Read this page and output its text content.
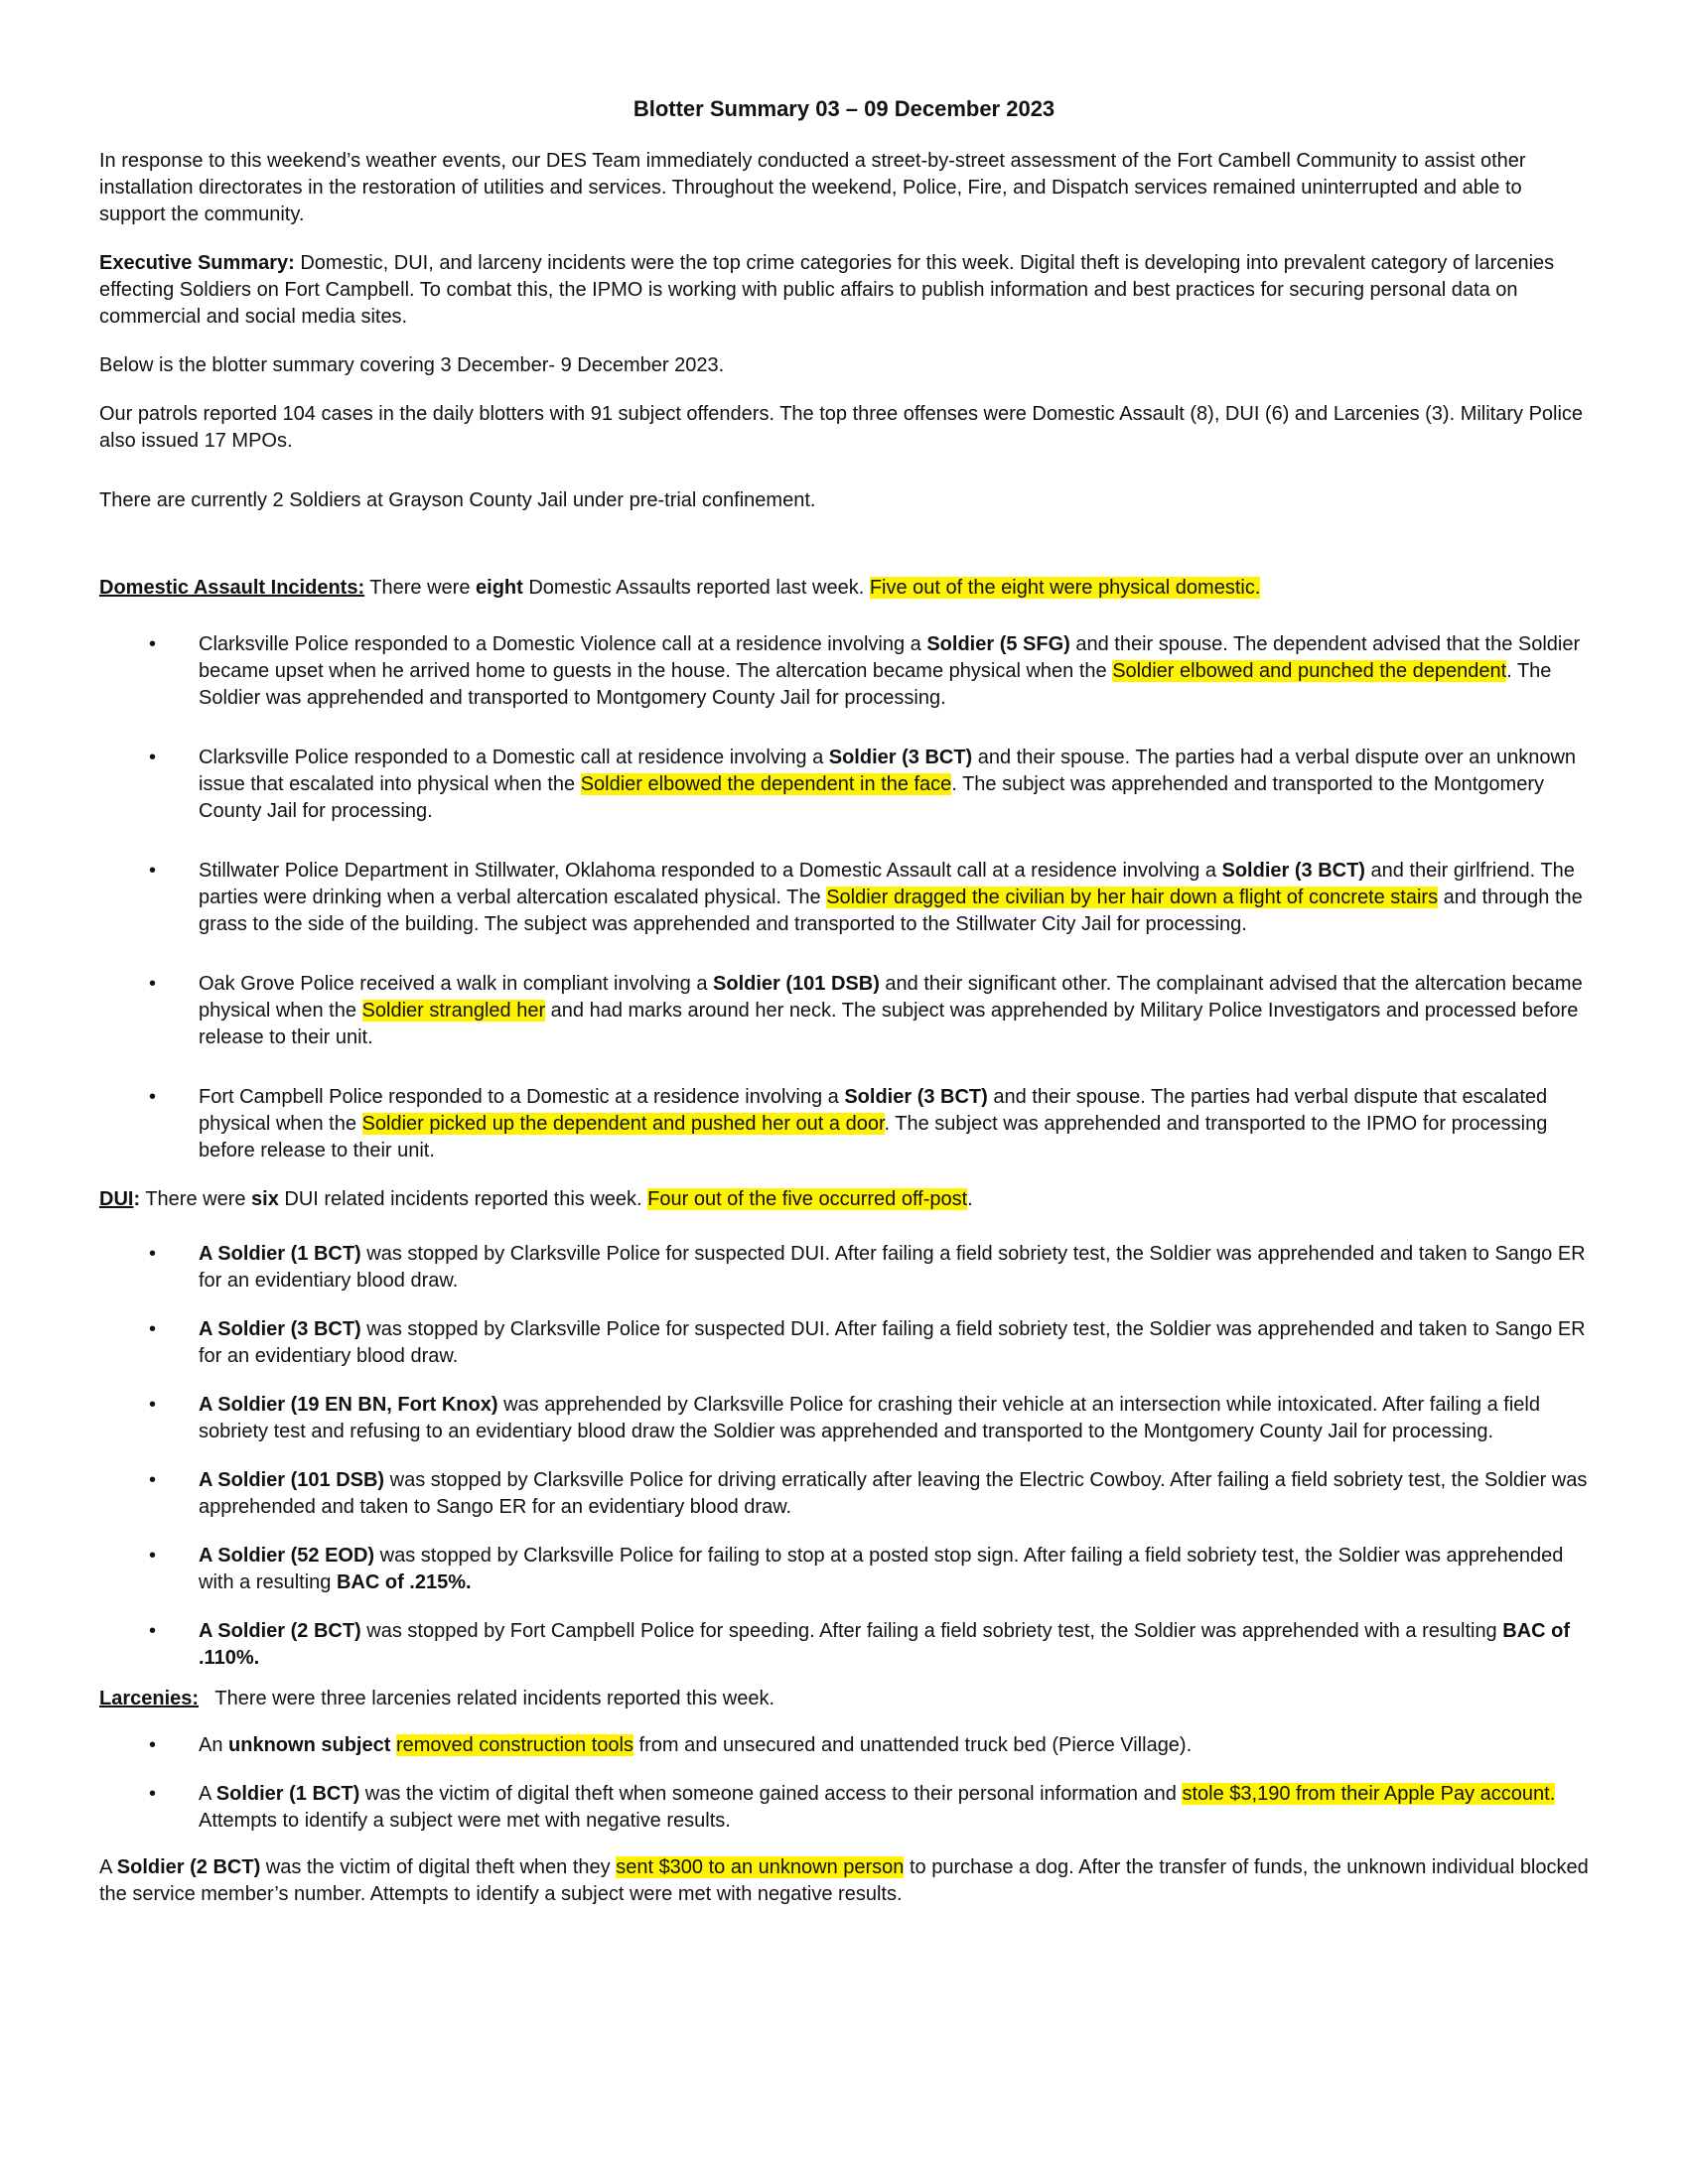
Blotter Summary 03 – 09 December 2023

In response to this weekend’s weather events, our DES Team immediately conducted a street-by-street assessment of the Fort Cambell Community to assist other installation directorates in the restoration of utilities and services. Throughout the weekend, Police, Fire, and Dispatch services remained uninterrupted and able to support the community.

Executive Summary: Domestic, DUI, and larceny incidents were the top crime categories for this week. Digital theft is developing into prevalent category of larcenies effecting Soldiers on Fort Campbell. To combat this, the IPMO is working with public affairs to publish information and best practices for securing personal data on commercial and social media sites.

Below is the blotter summary covering 3 December- 9 December 2023.

Our patrols reported 104 cases in the daily blotters with 91 subject offenders. The top three offenses were Domestic Assault (8), DUI (6) and Larcenies (3). Military Police also issued 17 MPOs.

There are currently 2 Soldiers at Grayson County Jail under pre-trial confinement.

Domestic Assault Incidents: There were eight Domestic Assaults reported last week. Five out of the eight were physical domestic.

• Clarksville Police responded to a Domestic Violence call at a residence involving a Soldier (5 SFG) and their spouse. The dependent advised that the Soldier became upset when he arrived home to guests in the house. The altercation became physical when the Soldier elbowed and punched the dependent. The Soldier was apprehended and transported to Montgomery County Jail for processing.
• Clarksville Police responded to a Domestic call at residence involving a Soldier (3 BCT) and their spouse. The parties had a verbal dispute over an unknown issue that escalated into physical when the Soldier elbowed the dependent in the face. The subject was apprehended and transported to the Montgomery County Jail for processing.
• Stillwater Police Department in Stillwater, Oklahoma responded to a Domestic Assault call at a residence involving a Soldier (3 BCT) and their girlfriend. The parties were drinking when a verbal altercation escalated physical. The Soldier dragged the civilian by her hair down a flight of concrete stairs and through the grass to the side of the building. The subject was apprehended and transported to the Stillwater City Jail for processing.
• Oak Grove Police received a walk in compliant involving a Soldier (101 DSB) and their significant other. The complainant advised that the altercation became physical when the Soldier strangled her and had marks around her neck. The subject was apprehended by Military Police Investigators and processed before release to their unit.
• Fort Campbell Police responded to a Domestic at a residence involving a Soldier (3 BCT) and their spouse. The parties had verbal dispute that escalated physical when the Soldier picked up the dependent and pushed her out a door. The subject was apprehended and transported to the IPMO for processing before release to their unit.

DUI: There were six DUI related incidents reported this week. Four out of the five occurred off-post.

• A Soldier (1 BCT) was stopped by Clarksville Police for suspected DUI. After failing a field sobriety test, the Soldier was apprehended and taken to Sango ER for an evidentiary blood draw.
• A Soldier (3 BCT) was stopped by Clarksville Police for suspected DUI. After failing a field sobriety test, the Soldier was apprehended and taken to Sango ER for an evidentiary blood draw.
• A Soldier (19 EN BN, Fort Knox) was apprehended by Clarksville Police for crashing their vehicle at an intersection while intoxicated. After failing a field sobriety test and refusing to an evidentiary blood draw the Soldier was apprehended and transported to the Montgomery County Jail for processing.
• A Soldier (101 DSB) was stopped by Clarksville Police for driving erratically after leaving the Electric Cowboy. After failing a field sobriety test, the Soldier was apprehended and taken to Sango ER for an evidentiary blood draw.
• A Soldier (52 EOD) was stopped by Clarksville Police for failing to stop at a posted stop sign. After failing a field sobriety test, the Soldier was apprehended with a resulting BAC of .215%.
• A Soldier (2 BCT) was stopped by Fort Campbell Police for speeding. After failing a field sobriety test, the Soldier was apprehended with a resulting BAC of .110%.

Larcenies:   There were three larcenies related incidents reported this week.

• An unknown subject removed construction tools from and unsecured and unattended truck bed (Pierce Village).
• A Soldier (1 BCT) was the victim of digital theft when someone gained access to their personal information and stole $3,190 from their Apple Pay account. Attempts to identify a subject were met with negative results.

A Soldier (2 BCT) was the victim of digital theft when they sent $300 to an unknown person to purchase a dog. After the transfer of funds, the unknown individual blocked the service member’s number. Attempts to identify a subject were met with negative results.
